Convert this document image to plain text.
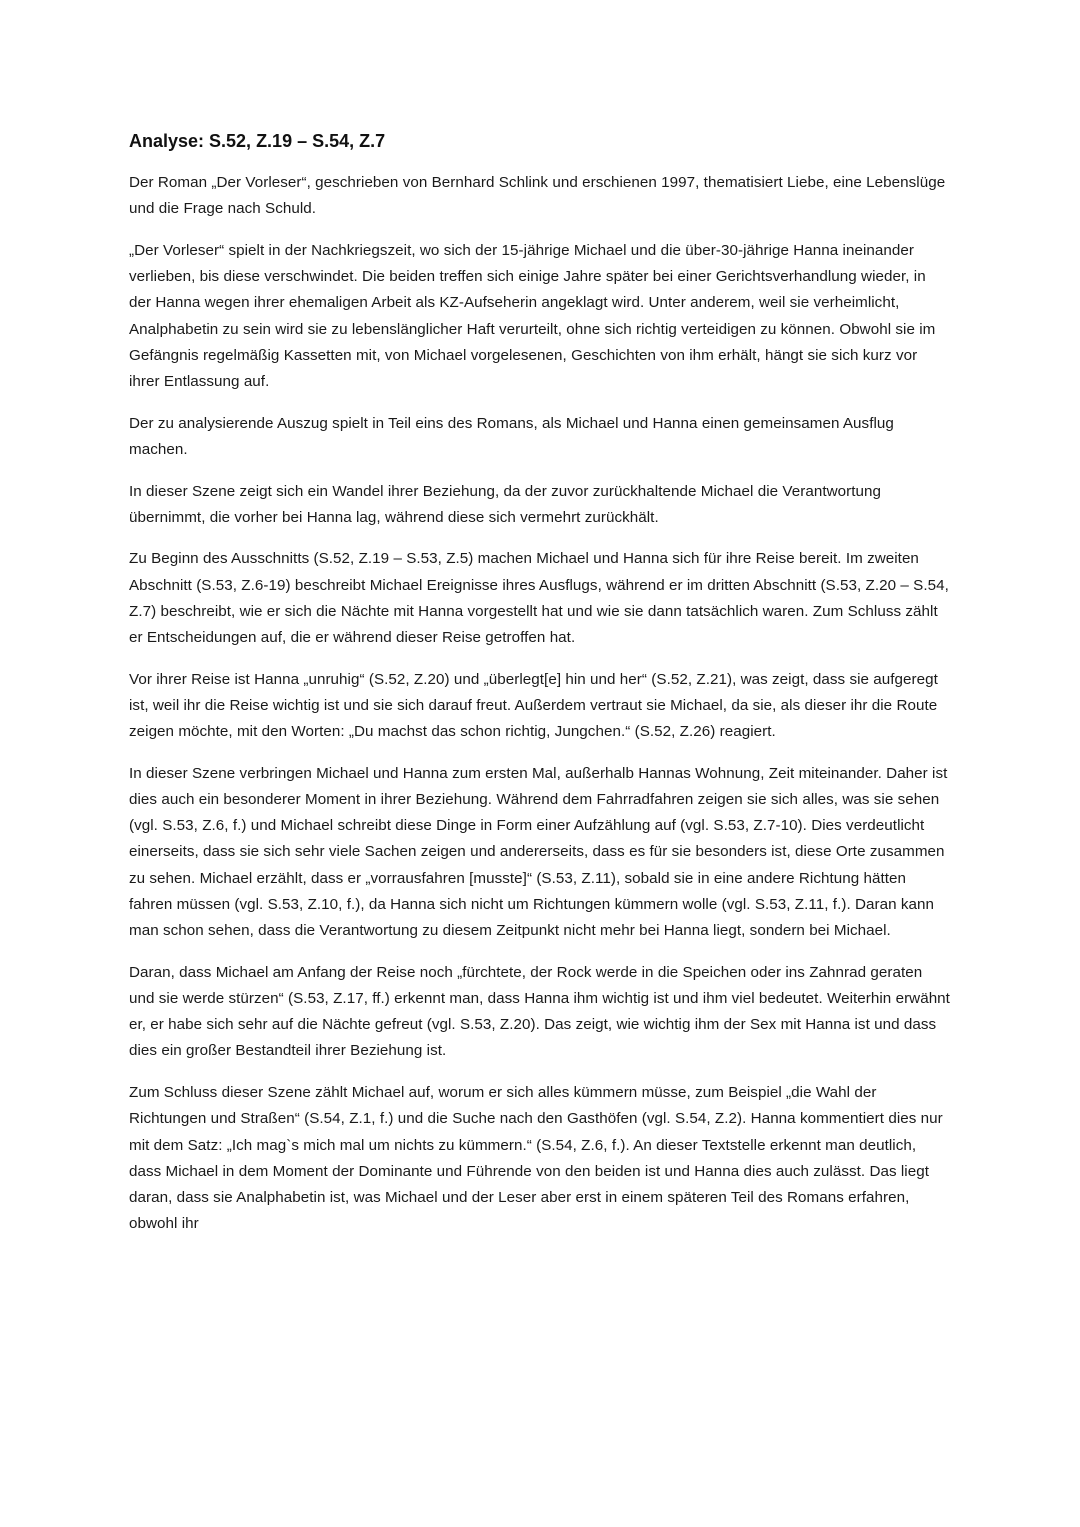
Analyse: S.52, Z.19 – S.54, Z.7

Der Roman „Der Vorleser“, geschrieben von Bernhard Schlink und erschienen 1997, thematisiert Liebe, eine Lebenslüge und die Frage nach Schuld.

„Der Vorleser“ spielt in der Nachkriegszeit, wo sich der 15-jährige Michael und die über-30-jährige Hanna ineinander verlieben, bis diese verschwindet. Die beiden treffen sich einige Jahre später bei einer Gerichtsverhandlung wieder, in der Hanna wegen ihrer ehemaligen Arbeit als KZ-Aufseherin angeklagt wird. Unter anderem, weil sie verheimlicht, Analphabetin zu sein wird sie zu lebenslänglicher Haft verurteilt, ohne sich richtig verteidigen zu können. Obwohl sie im Gefängnis regelmäßig Kassetten mit, von Michael vorgelesenen, Geschichten von ihm erhält, hängt sie sich kurz vor ihrer Entlassung auf.

Der zu analysierende Auszug spielt in Teil eins des Romans, als Michael und Hanna einen gemeinsamen Ausflug machen.

In dieser Szene zeigt sich ein Wandel ihrer Beziehung, da der zuvor zurückhaltende Michael die Verantwortung übernimmt, die vorher bei Hanna lag, während diese sich vermehrt zurückhält.

Zu Beginn des Ausschnitts (S.52, Z.19 – S.53, Z.5) machen Michael und Hanna sich für ihre Reise bereit. Im zweiten Abschnitt (S.53, Z.6-19) beschreibt Michael Ereignisse ihres Ausflugs, während er im dritten Abschnitt (S.53, Z.20 – S.54, Z.7) beschreibt, wie er sich die Nächte mit Hanna vorgestellt hat und wie sie dann tatsächlich waren. Zum Schluss zählt er Entscheidungen auf, die er während dieser Reise getroffen hat.

Vor ihrer Reise ist Hanna „unruhig“ (S.52, Z.20) und „überlegt[e] hin und her“ (S.52, Z.21), was zeigt, dass sie aufgeregt ist, weil ihr die Reise wichtig ist und sie sich darauf freut. Außerdem vertraut sie Michael, da sie, als dieser ihr die Route zeigen möchte, mit den Worten: „Du machst das schon richtig, Jungchen.“ (S.52, Z.26) reagiert.

In dieser Szene verbringen Michael und Hanna zum ersten Mal, außerhalb Hannas Wohnung, Zeit miteinander. Daher ist dies auch ein besonderer Moment in ihrer Beziehung. Während dem Fahrradfahren zeigen sie sich alles, was sie sehen (vgl. S.53, Z.6, f.) und Michael schreibt diese Dinge in Form einer Aufzählung auf (vgl. S.53, Z.7-10). Dies verdeutlicht einerseits, dass sie sich sehr viele Sachen zeigen und andererseits, dass es für sie besonders ist, diese Orte zusammen zu sehen. Michael erzählt, dass er „vorrausfahren [musste]“ (S.53, Z.11), sobald sie in eine andere Richtung hätten fahren müssen (vgl. S.53, Z.10, f.), da Hanna sich nicht um Richtungen kümmern wolle (vgl. S.53, Z.11, f.). Daran kann man schon sehen, dass die Verantwortung zu diesem Zeitpunkt nicht mehr bei Hanna liegt, sondern bei Michael.

Daran, dass Michael am Anfang der Reise noch „fürchtete, der Rock werde in die Speichen oder ins Zahnrad geraten und sie werde stürzen“ (S.53, Z.17, ff.) erkennt man, dass Hanna ihm wichtig ist und ihm viel bedeutet. Weiterhin erwähnt er, er habe sich sehr auf die Nächte gefreut (vgl. S.53, Z.20). Das zeigt, wie wichtig ihm der Sex mit Hanna ist und dass dies ein großer Bestandteil ihrer Beziehung ist.

Zum Schluss dieser Szene zählt Michael auf, worum er sich alles kümmern müsse, zum Beispiel „die Wahl der Richtungen und Straßen“ (S.54, Z.1, f.) und die Suche nach den Gasthöfen (vgl. S.54, Z.2). Hanna kommentiert dies nur mit dem Satz: „Ich mag`s mich mal um nichts zu kümmern.“ (S.54, Z.6, f.). An dieser Textstelle erkennt man deutlich, dass Michael in dem Moment der Dominante und Führende von den beiden ist und Hanna dies auch zulässt. Das liegt daran, dass sie Analphabetin ist, was Michael und der Leser aber erst in einem späteren Teil des Romans erfahren, obwohl ihr
